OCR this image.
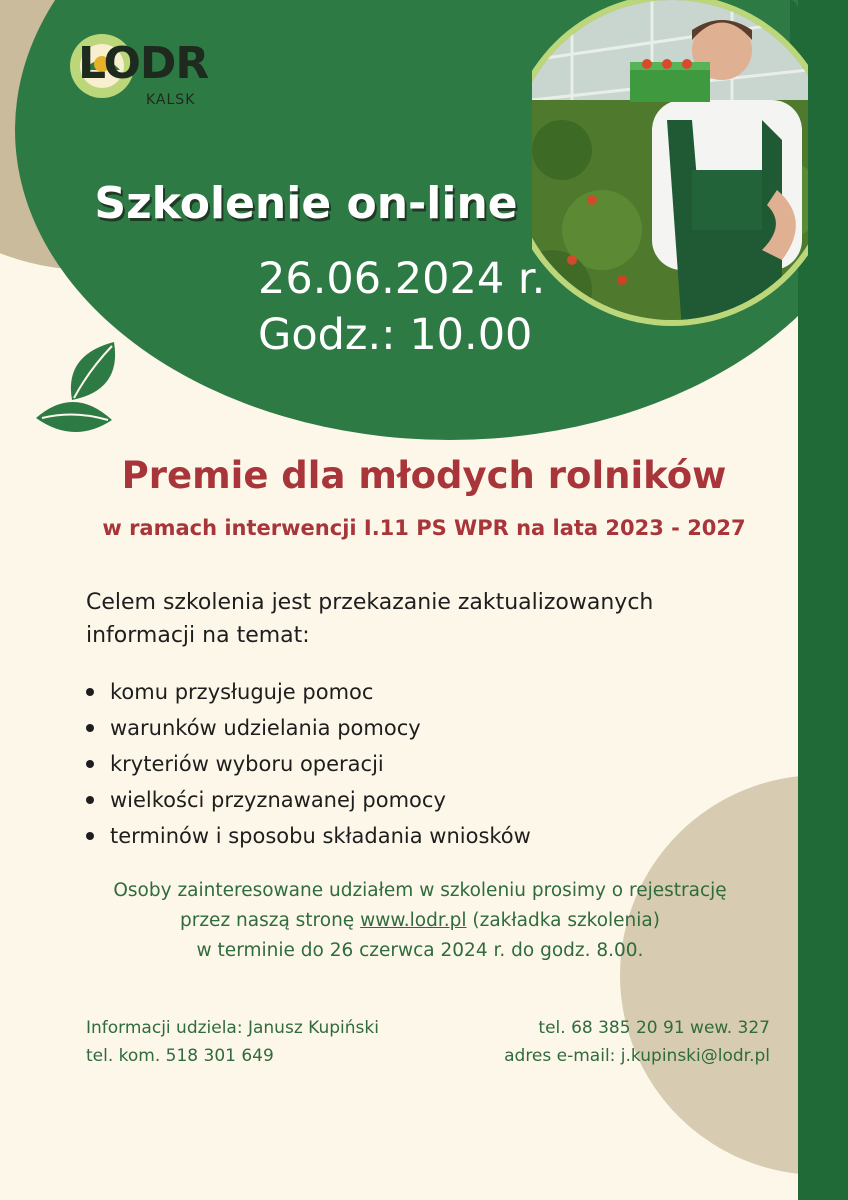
LODR
KALSK
Szkolenie on-line
26.06.2024 r.
Godz.: 10.00
Premie dla młodych rolników
w ramach interwencji I.11 PS WPR na lata 2023 - 2027
Celem szkolenia jest przekazanie zaktualizowanych informacji na temat:
komu przysługuje pomoc
warunków udzielania pomocy
kryteriów wyboru operacji
wielkości przyznawanej pomocy
terminów i sposobu składania wniosków
Osoby zainteresowane udziałem w szkoleniu prosimy o rejestrację
przez naszą stronę www.lodr.pl (zakładka szkolenia)
w terminie do 26 czerwca 2024 r. do godz. 8.00.
Informacji udziela: Janusz Kupiński
tel. kom. 518 301 649
tel. 68 385 20 91 wew. 327
adres e-mail: j.kupinski@lodr.pl
